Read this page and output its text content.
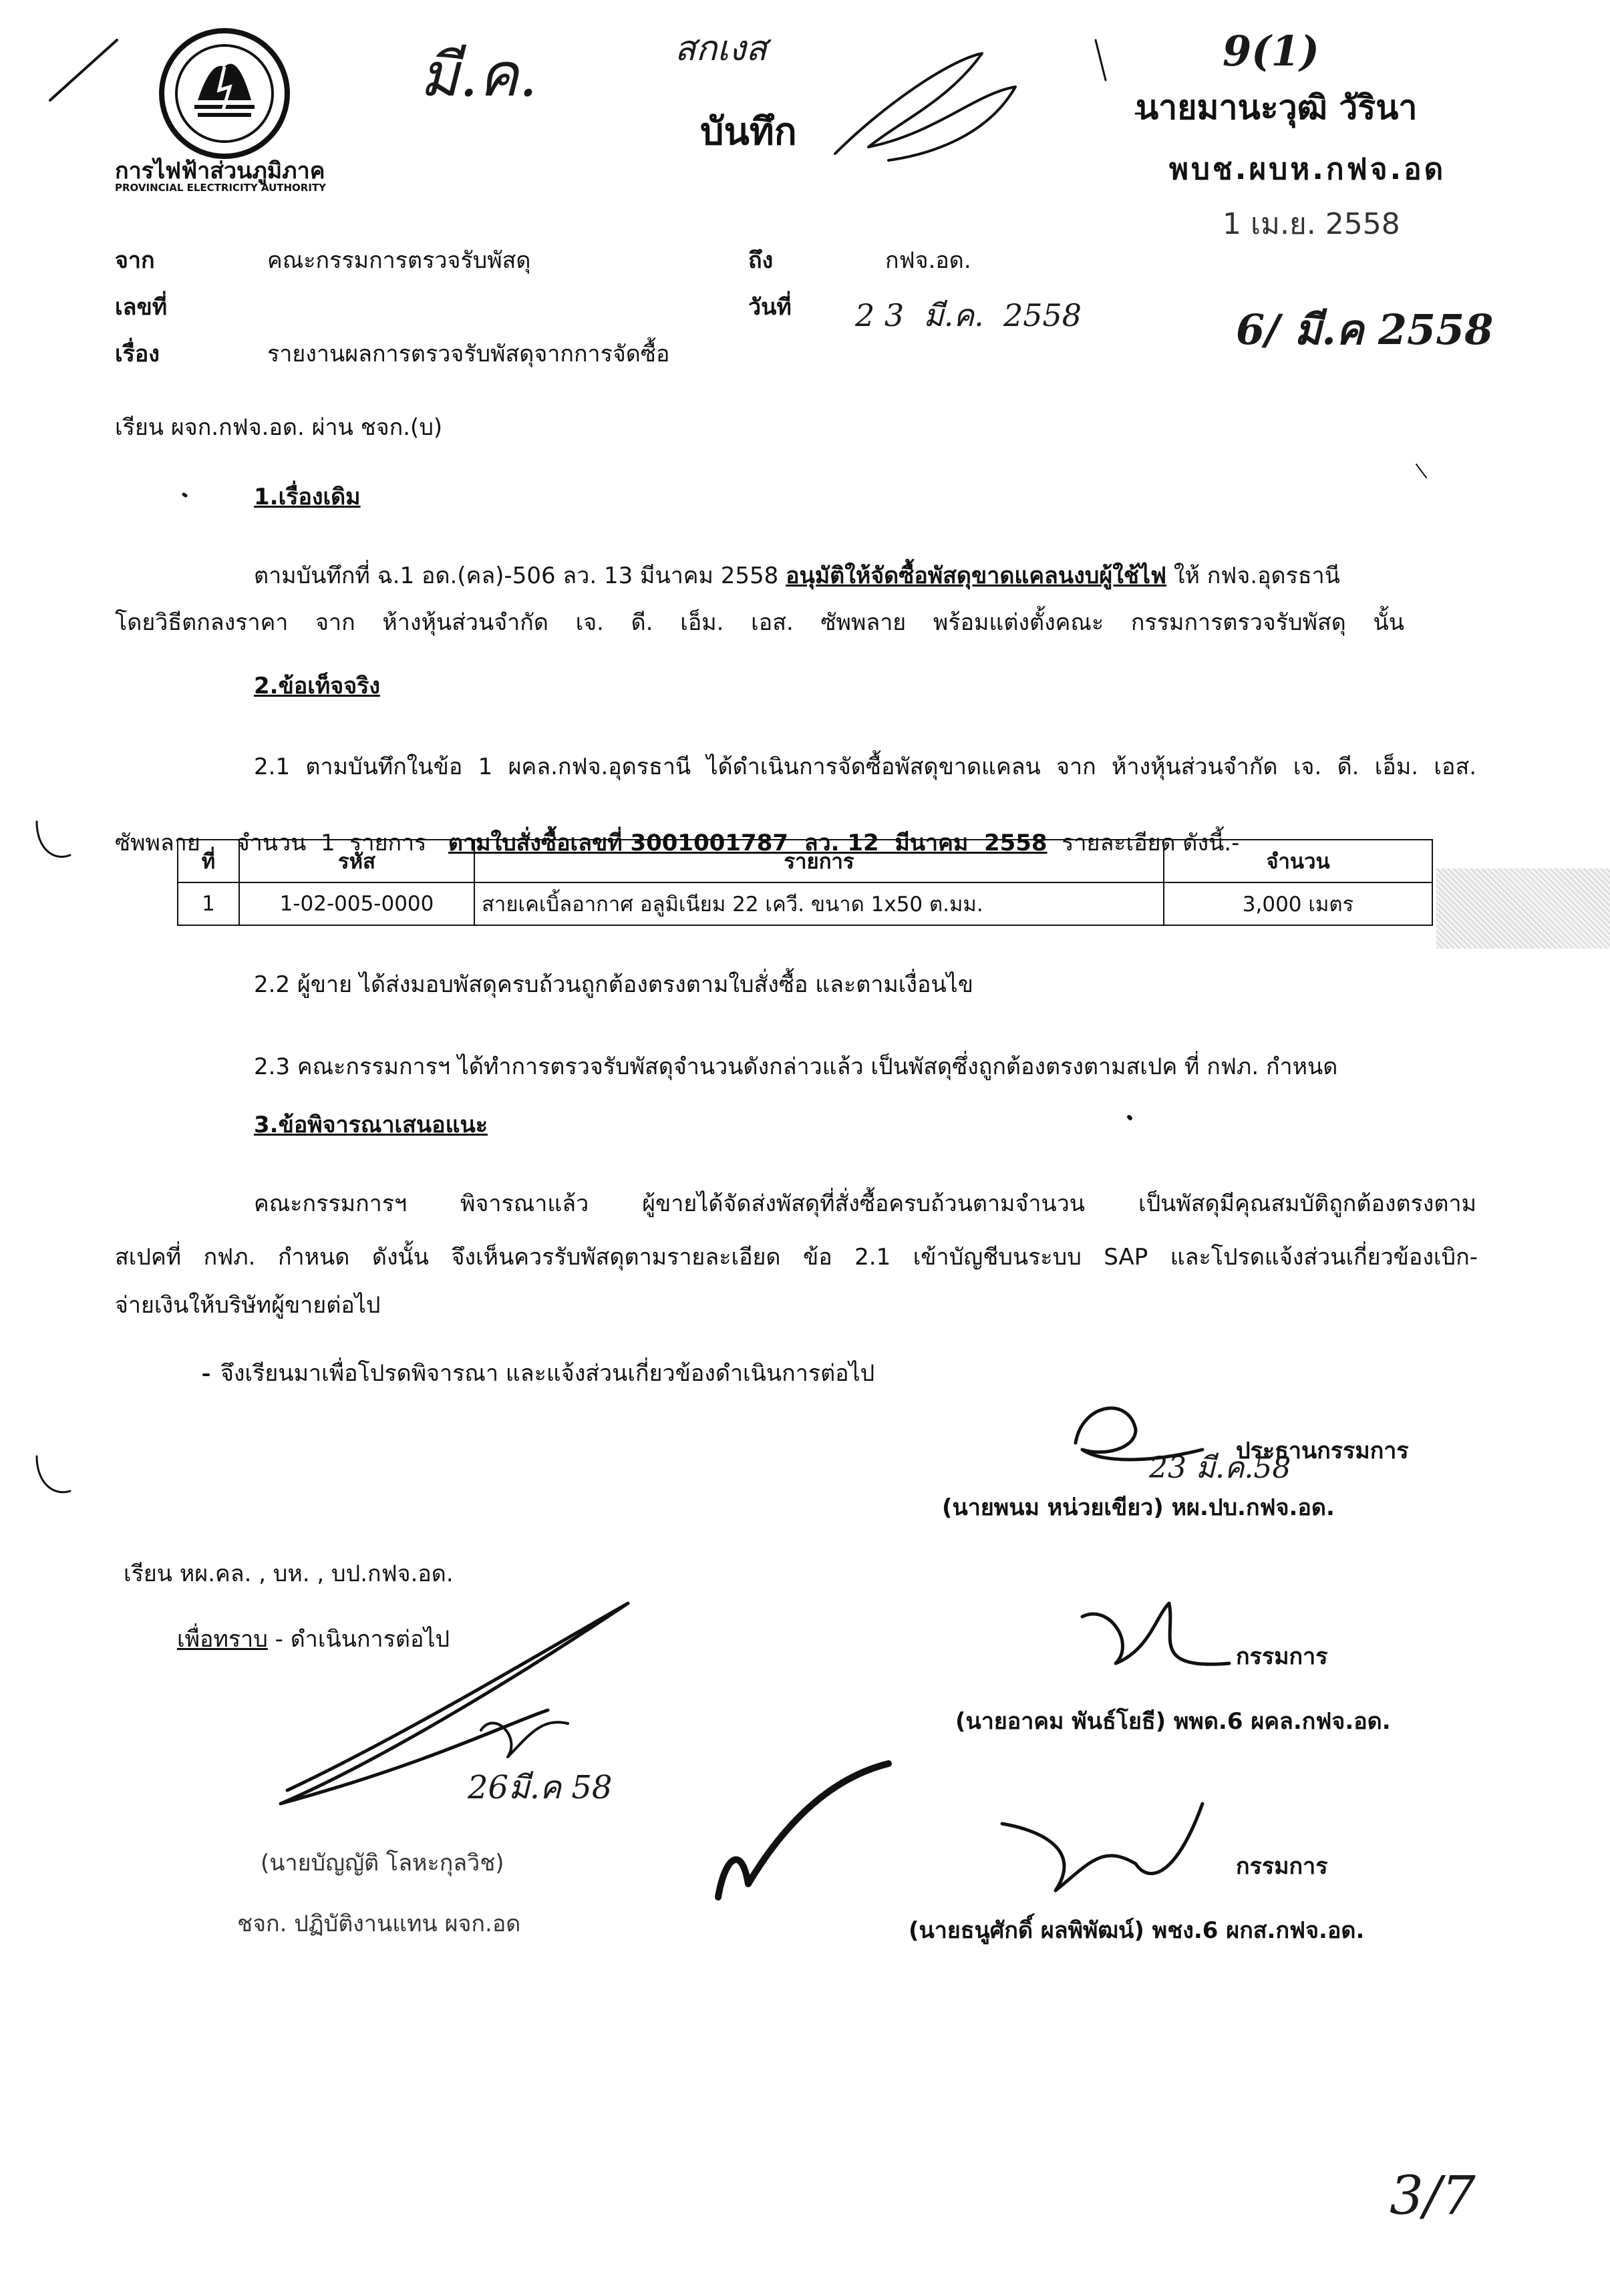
การไฟฟ้าส่วนภูมิภาค
PROVINCIAL ELECTRICITY AUTHORITY
บันทึก
มี.ค.	สกเงส	9(1)
นายมานะวุฒิ วัรินา
พบช.ผบห.กฟจ.อด
1 เม.ย. 2558
6/ มี.ค 2558
จาก	คณะกรรมการตรวจรับพัสดุ	ถึง	กฟจ.อด.
เลขที่	วันที่ 2 3  มี.ค.  2558
เรื่อง	รายงานผลการตรวจรับพัสดุจากการจัดซื้อ
เรียน ผจก.กฟจ.อด. ผ่าน ชจก.(บ)
1.เรื่องเดิม
ตามบันทึกที่ ฉ.1 อด.(คล)-506 ลว. 13 มีนาคม 2558 อนุมัติให้จัดซื้อพัสดุขาดแคลนงบผู้ใช้ไฟ ให้ กฟจ.อุดรธานี
โดยวิธีตกลงราคา จาก ห้างหุ้นส่วนจำกัด เจ. ดี. เอ็ม. เอส. ซัพพลาย พร้อมแต่งตั้งคณะ กรรมการตรวจรับพัสดุ นั้น
2.ข้อเท็จจริง
2.1 ตามบันทึกในข้อ 1 ผคล.กฟจ.อุดรธานี ได้ดำเนินการจัดซื้อพัสดุขาดแคลน จาก ห้างหุ้นส่วนจำกัด เจ. ดี. เอ็ม. เอส.

ซัพพลาย     จำนวน  1  รายการ   ตามใบสั่งซื้อเลขที่ 3001001787  ลว. 12  มีนาคม  2558  รายละเอียด ดังนี้.-
ที่	รหัส	รายการ	จำนวน
1	1-02-005-0000	สายเคเบิ้ลอากาศ อลูมิเนียม 22 เควี. ขนาด 1x50 ต.มม.	3,000 เมตร
2.2 ผู้ขาย ได้ส่งมอบพัสดุครบถ้วนถูกต้องตรงตามใบสั่งซื้อ และตามเงื่อนไข
2.3 คณะกรรมการฯ ได้ทำการตรวจรับพัสดุจำนวนดังกล่าวแล้ว เป็นพัสดุซึ่งถูกต้องตรงตามสเปค ที่ กฟภ. กำหนด
3.ข้อพิจารณาเสนอแนะ
คณะกรรมการฯ พิจารณาแล้ว ผู้ขายได้จัดส่งพัสดุที่สั่งซื้อครบถ้วนตามจำนวน เป็นพัสดุมีคุณสมบัติถูกต้องตรงตาม
สเปคที่ กฟภ. กำหนด ดังนั้น จึงเห็นควรรับพัสดุตามรายละเอียด ข้อ 2.1 เข้าบัญชีบนระบบ SAP และโปรดแจ้งส่วนเกี่ยวข้องเบิก-
จ่ายเงินให้บริษัทผู้ขายต่อไป
จึงเรียนมาเพื่อโปรดพิจารณา และแจ้งส่วนเกี่ยวข้องดำเนินการต่อไป
ประธานกรรมการ
23 มี.ค.58
(นายพนม หน่วยเขียว) หผ.ปบ.กฟจ.อด.
กรรมการ
(นายอาคม พันธ์โยธี) พพด.6 ผคล.กฟจ.อด.
กรรมการ
(นายธนูศักดิ์ ผลพิพัฒน์) พชง.6 ผกส.กฟจ.อด.
เรียน หผ.คล. , บห. , บป.กฟจ.อด.
เพื่อทราบ - ดำเนินการต่อไป
26มี.ค 58
(นายบัญญัติ โลหะกุลวิช)
ชจก. ปฏิบัติงานแทน ผจก.อด
3/7
